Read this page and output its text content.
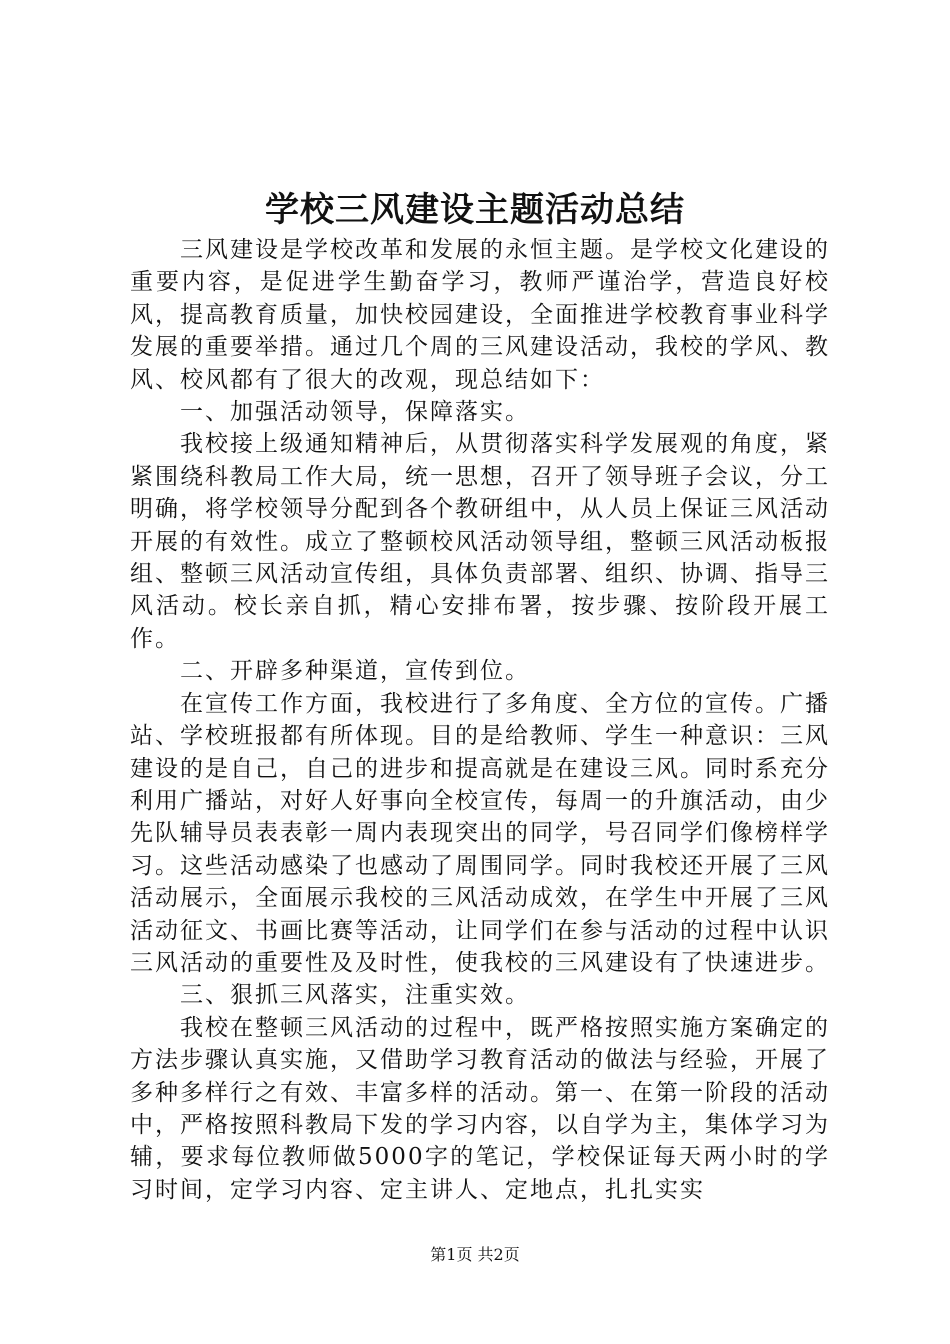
学校三风建设主题活动总结

三风建设是学校改革和发展的永恒主题。是学校文化建设的重要内容，是促进学生勤奋学习，教师严谨治学，营造良好校风，提高教育质量，加快校园建设，全面推进学校教育事业科学发展的重要举措。通过几个周的三风建设活动，我校的学风、教风、校风都有了很大的改观，现总结如下：

一、加强活动领导，保障落实。

我校接上级通知精神后，从贯彻落实科学发展观的角度，紧紧围绕科教局工作大局，统一思想，召开了领导班子会议，分工明确，将学校领导分配到各个教研组中，从人员上保证三风活动开展的有效性。成立了整顿校风活动领导组，整顿三风活动板报组、整顿三风活动宣传组，具体负责部署、组织、协调、指导三风活动。校长亲自抓，精心安排布署，按步骤、按阶段开展工作。

二、开辟多种渠道，宣传到位。

在宣传工作方面，我校进行了多角度、全方位的宣传。广播站、学校班报都有所体现。目的是给教师、学生一种意识：三风建设的是自己，自己的进步和提高就是在建设三风。同时系充分利用广播站，对好人好事向全校宣传，每周一的升旗活动，由少先队辅导员表表彰一周内表现突出的同学，号召同学们像榜样学习。这些活动感染了也感动了周围同学。同时我校还开展了三风活动展示，全面展示我校的三风活动成效，在学生中开展了三风活动征文、书画比赛等活动，让同学们在参与活动的过程中认识三风活动的重要性及及时性，使我校的三风建设有了快速进步。

三、狠抓三风落实，注重实效。

我校在整顿三风活动的过程中，既严格按照实施方案确定的方法步骤认真实施，又借助学习教育活动的做法与经验，开展了多种多样行之有效、丰富多样的活动。第一、在第一阶段的活动中，严格按照科教局下发的学习内容，以自学为主，集体学习为辅，要求每位教师做5000字的笔记，学校保证每天两小时的学习时间，定学习内容、定主讲人、定地点，扎扎实实

第1页 共2页
